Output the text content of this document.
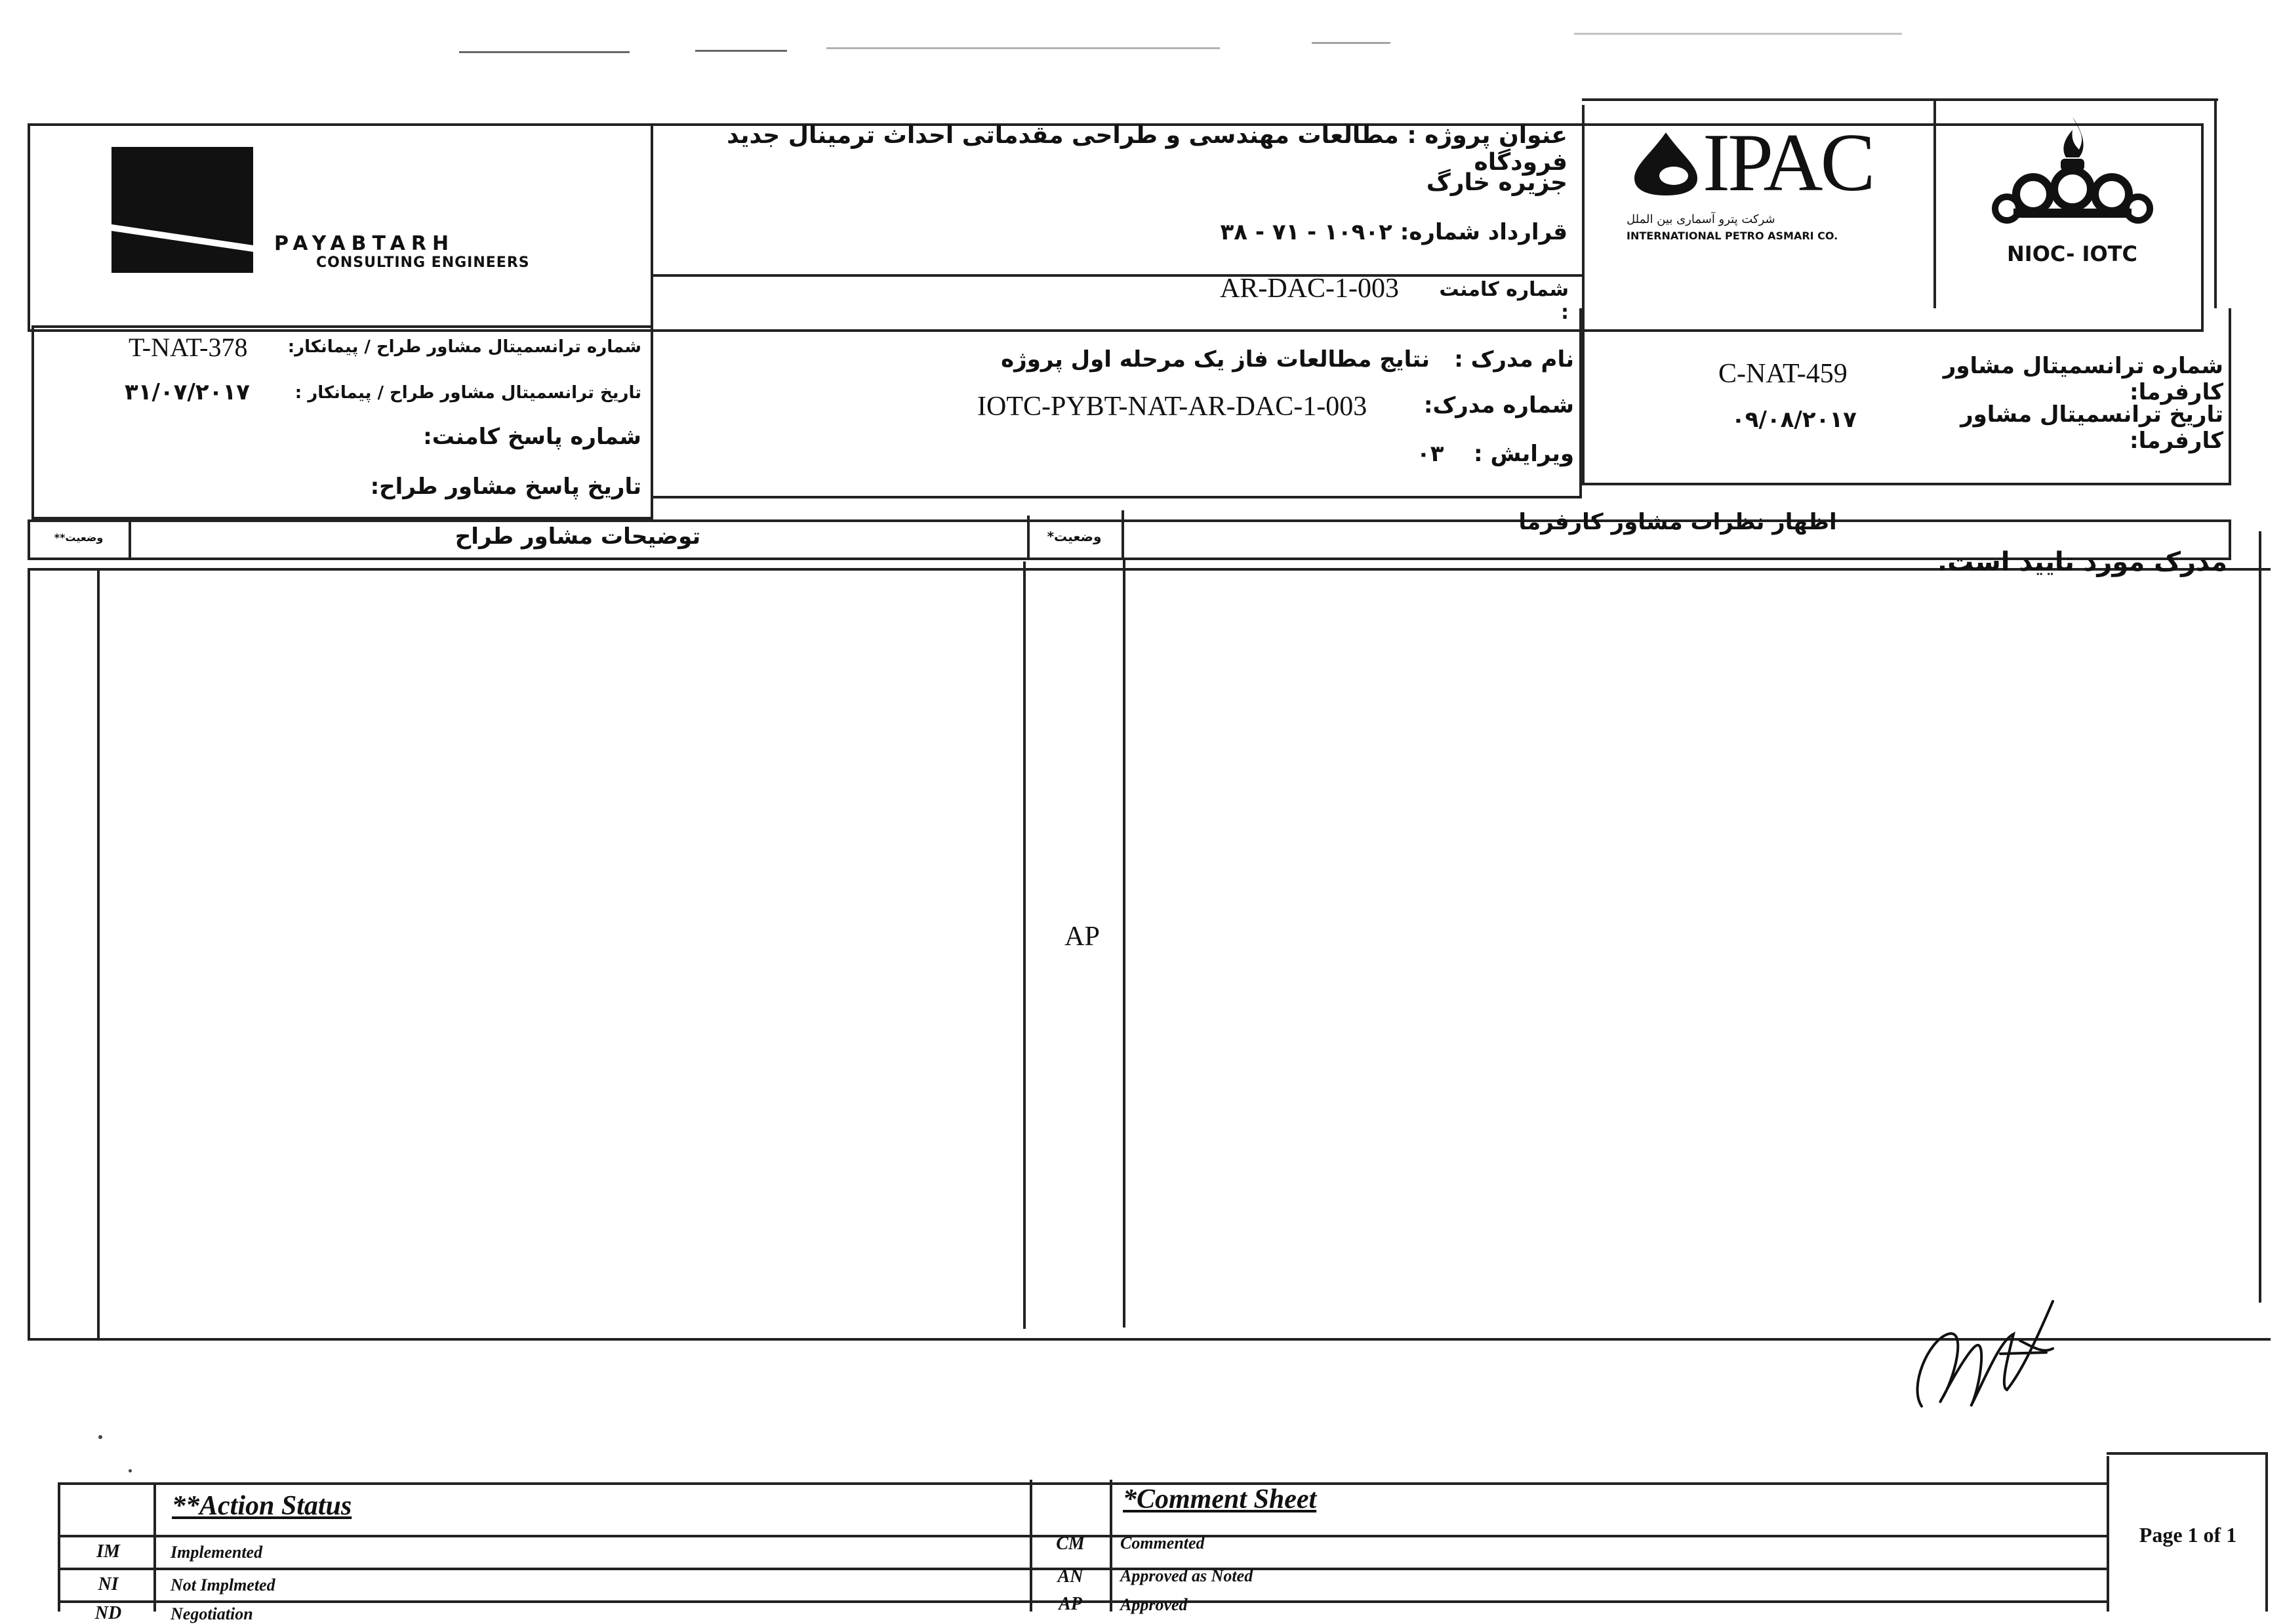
PAYABTARH
CONSULTING ENGINEERS
عنوان پروژه : مطالعات مهندسی و طراحی مقدماتی احداث ترمینال جدید فرودگاه
جزیره خارگ
قرارداد شماره: ۱۰۹۰۲ - ۷۱ - ۳۸
شماره کامنت :
AR-DAC-1-003
IPAC
شرکت پترو آسماری بین الملل
INTERNATIONAL PETRO ASMARI CO.
NIOC- IOTC
شماره ترانسمیتال مشاور طراح / پیمانکار:
T-NAT-378
تاریخ ترانسمیتال مشاور طراح / پیمانکار :
۳۱/۰۷/۲۰۱۷
شماره پاسخ کامنت:
تاریخ پاسخ مشاور طراح:
نام مدرک :
نتایج مطالعات فاز یک مرحله اول پروژه
شماره مدرک:
IOTC-PYBT-NAT-AR-DAC-1-003
ویرایش :
۰۳
شماره ترانسمیتال مشاور کارفرما:
C-NAT-459
تاریخ ترانسمیتال مشاور کارفرما:
۰۹/۰۸/۲۰۱۷
وضعیت**	توضیحات مشاور طراح	وضعیت*
اظهار نظرات مشاور کارفرما
مدرک مورد تایید است.
AP
**Action Status	*Comment Sheet
IM	Implemented
NI	Not Implmeted
ND	Negotiation
CM	Commented
AN	Approved as Noted
AP	Approved
Page 1 of 1
